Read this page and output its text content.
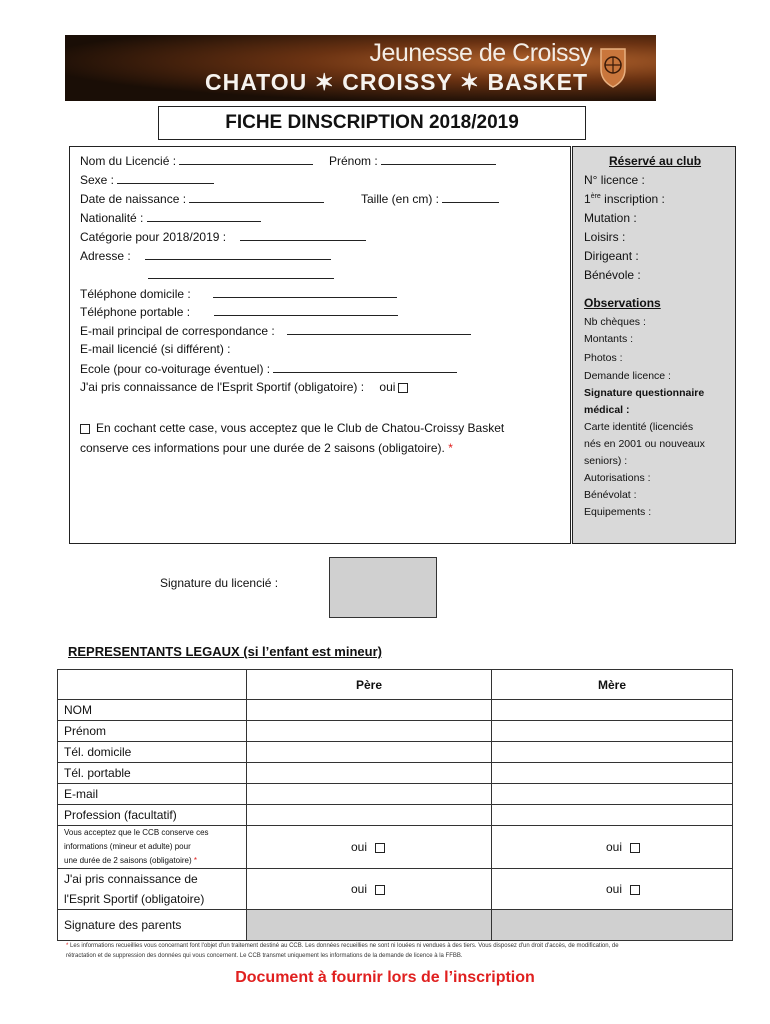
Jeunesse de Croissy
CHATOU ✶ CROISSY ✶ BASKET
FICHE DINSCRIPTION 2018/2019
Nom du Licencié :	Prénom :
Sexe :
Date de naissance :	Taille (en cm) :
Nationalité :
Catégorie pour 2018/2019 :
Adresse :
Téléphone domicile :
Téléphone portable :
E-mail principal de correspondance :
E-mail licencié (si différent) :
Ecole (pour co-voiturage éventuel) :
J'ai pris connaissance de l'Esprit Sportif (obligatoire) : oui
En cochant cette case, vous acceptez que le Club de Chatou-Croissy Basket
conserve ces informations pour une durée de 2 saisons (obligatoire). *
Réservé au club
N° licence :
1ère inscription :
Mutation :
Loisirs :
Dirigeant :
Bénévole :
Observations
Nb chèques :
Montants :
Photos :
Demande licence :
Signature questionnaire
médical :
Carte identité (licenciés
nés en 2001 ou nouveaux
seniors) :
Autorisations :
Bénévolat :
Equipements :
Signature du licencié :
REPRESENTANTS LEGAUX (si l’enfant est mineur)
	Père	Mère
NOM		
Prénom		
Tél. domicile		
Tél. portable		
E-mail		
Profession (facultatif)		

Vous acceptez que le CCB conserve ces
informations (mineur et adulte) pour
une durée de 2 saisons (obligatoire) *	oui	oui

J'ai pris connaissance de
l'Esprit Sportif (obligatoire)	oui	oui
Signature des parents		
* Les informations recueillies vous concernant font l'objet d'un traitement destiné au CCB. Les données recueillies ne sont ni louées ni vendues à des tiers. Vous disposez d'un droit d'accès, de modification, de
rétractation et de suppression des données qui vous concernent. Le CCB transmet uniquement les informations de la demande de licence à la FFBB.
Document à fournir lors de l’inscription
